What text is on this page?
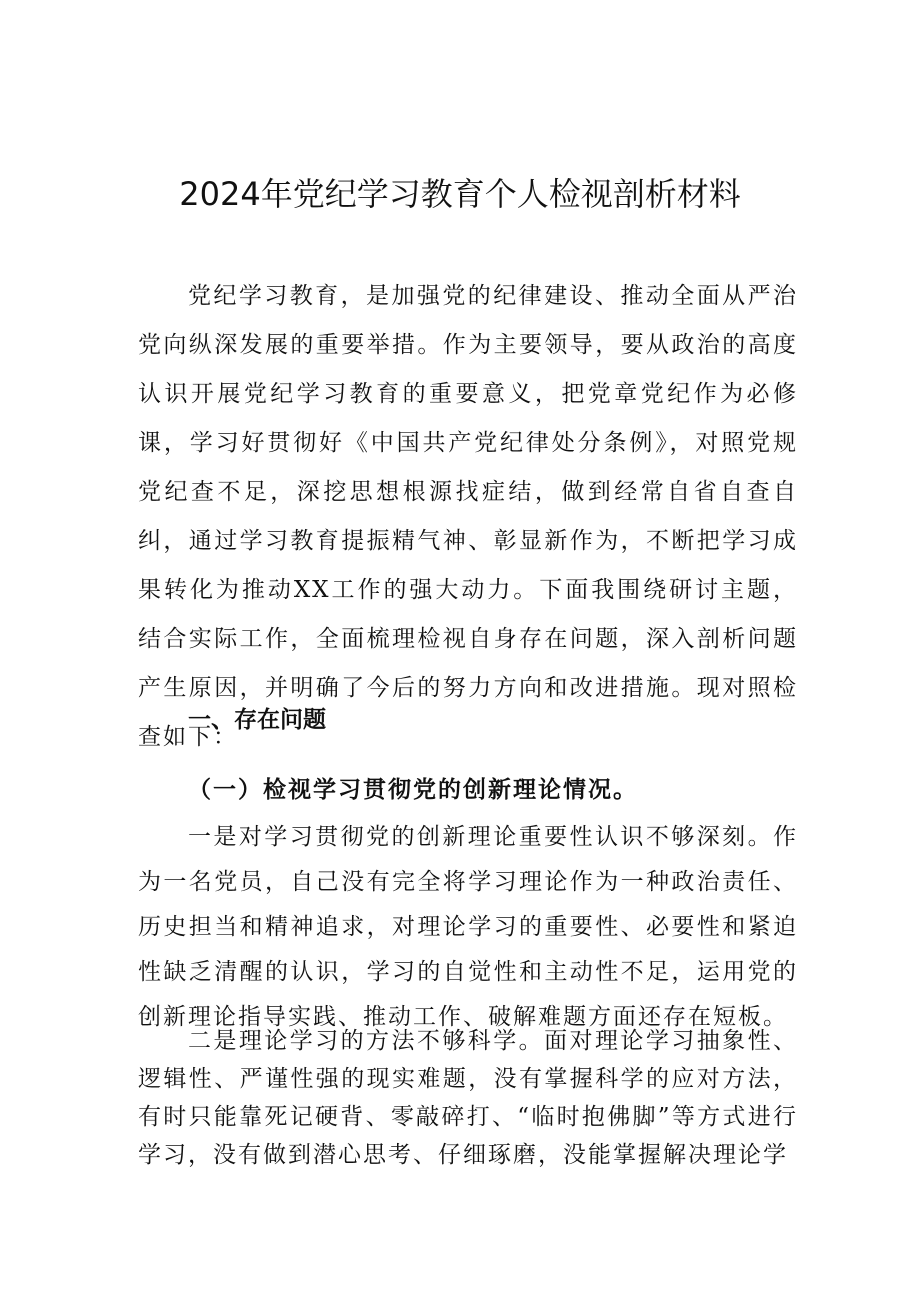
2024年党纪学习教育个人检视剖析材料

党纪学习教育，是加强党的纪律建设、推动全面从严治党向纵深发展的重要举措。作为主要领导，要从政治的高度认识开展党纪学习教育的重要意义，把党章党纪作为必修课，学习好贯彻好《中国共产党纪律处分条例》，对照党规党纪查不足，深挖思想根源找症结，做到经常自省自查自纠，通过学习教育提振精气神、彰显新作为，不断把学习成果转化为推动XX工作的强大动力。下面我围绕研讨主题，结合实际工作，全面梳理检视自身存在问题，深入剖析问题产生原因，并明确了今后的努力方向和改进措施。现对照检查如下：

一、存在问题
（一）检视学习贯彻党的创新理论情况。

一是对学习贯彻党的创新理论重要性认识不够深刻。作为一名党员，自己没有完全将学习理论作为一种政治责任、历史担当和精神追求，对理论学习的重要性、必要性和紧迫性缺乏清醒的认识，学习的自觉性和主动性不足，运用党的创新理论指导实践、推动工作、破解难题方面还存在短板。

二是理论学习的方法不够科学。面对理论学习抽象性、逻辑性、严谨性强的现实难题，没有掌握科学的应对方法，有时只能靠死记硬背、零敲碎打、“临时抱佛脚”等方式进行学习，没有做到潜心思考、仔细琢磨，没能掌握解决理论学
